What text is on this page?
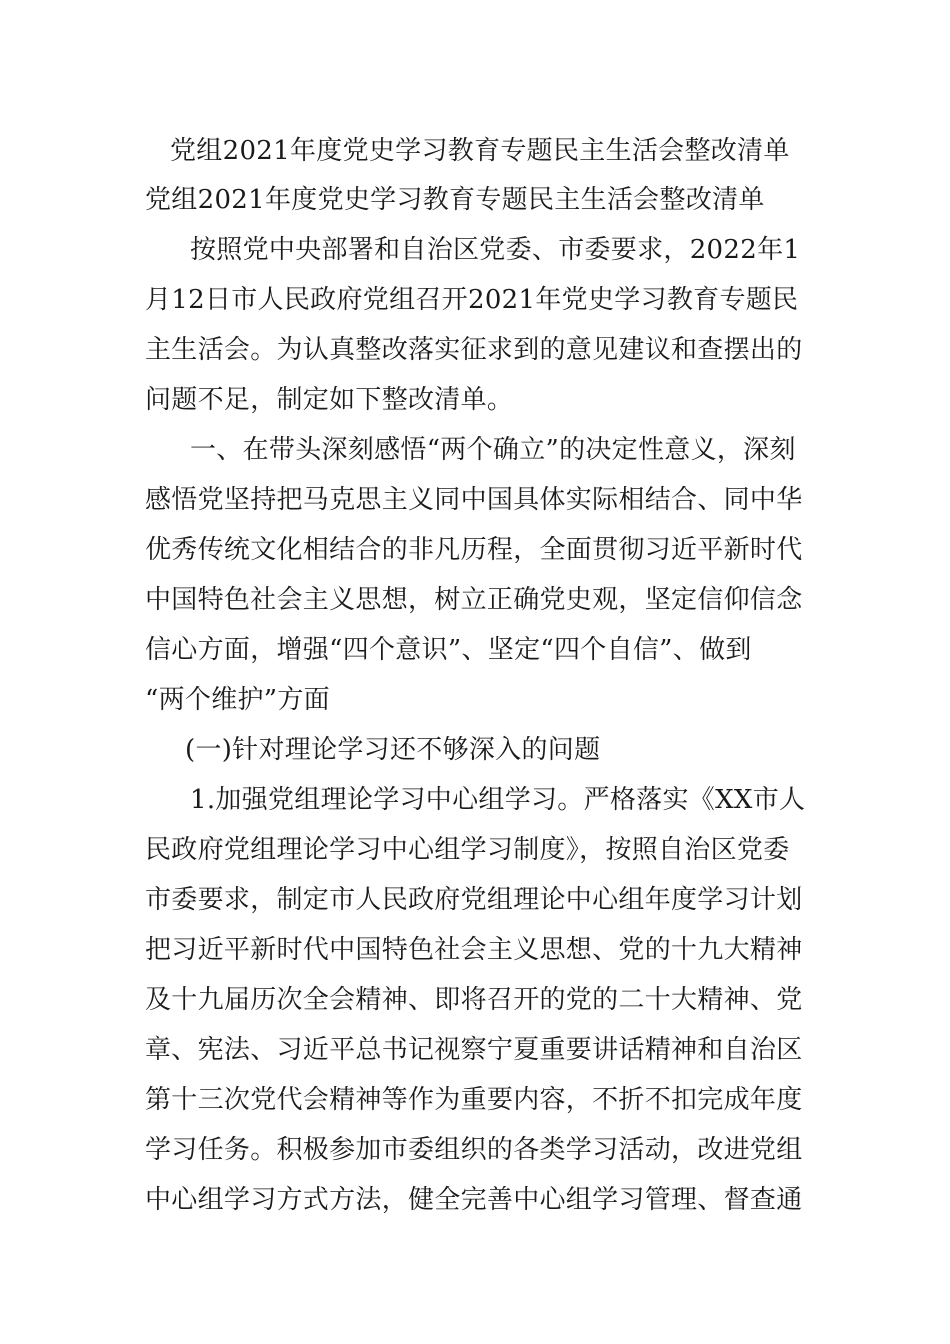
党组2021年度党史学习教育专题民主生活会整改清单
党组2021年度党史学习教育专题民主生活会整改清单
按照党中央部署和自治区党委、市委要求，2022年1
月12日市人民政府党组召开2021年党史学习教育专题民
主生活会。为认真整改落实征求到的意见建议和查摆出的
问题不足，制定如下整改清单。
一、在带头深刻感悟“两个确立”的决定性意义，深刻
感悟党坚持把马克思主义同中国具体实际相结合、同中华
优秀传统文化相结合的非凡历程，全面贯彻习近平新时代
中国特色社会主义思想，树立正确党史观，坚定信仰信念
信心方面，增强“四个意识”、坚定“四个自信”、做到
“两个维护”方面
(一)针对理论学习还不够深入的问题
1.加强党组理论学习中心组学习。严格落实《XX市人
民政府党组理论学习中心组学习制度》，按照自治区党委
市委要求，制定市人民政府党组理论中心组年度学习计划
把习近平新时代中国特色社会主义思想、党的十九大精神
及十九届历次全会精神、即将召开的党的二十大精神、党
章、宪法、习近平总书记视察宁夏重要讲话精神和自治区
第十三次党代会精神等作为重要内容，不折不扣完成年度
学习任务。积极参加市委组织的各类学习活动，改进党组
中心组学习方式方法，健全完善中心组学习管理、督查通
